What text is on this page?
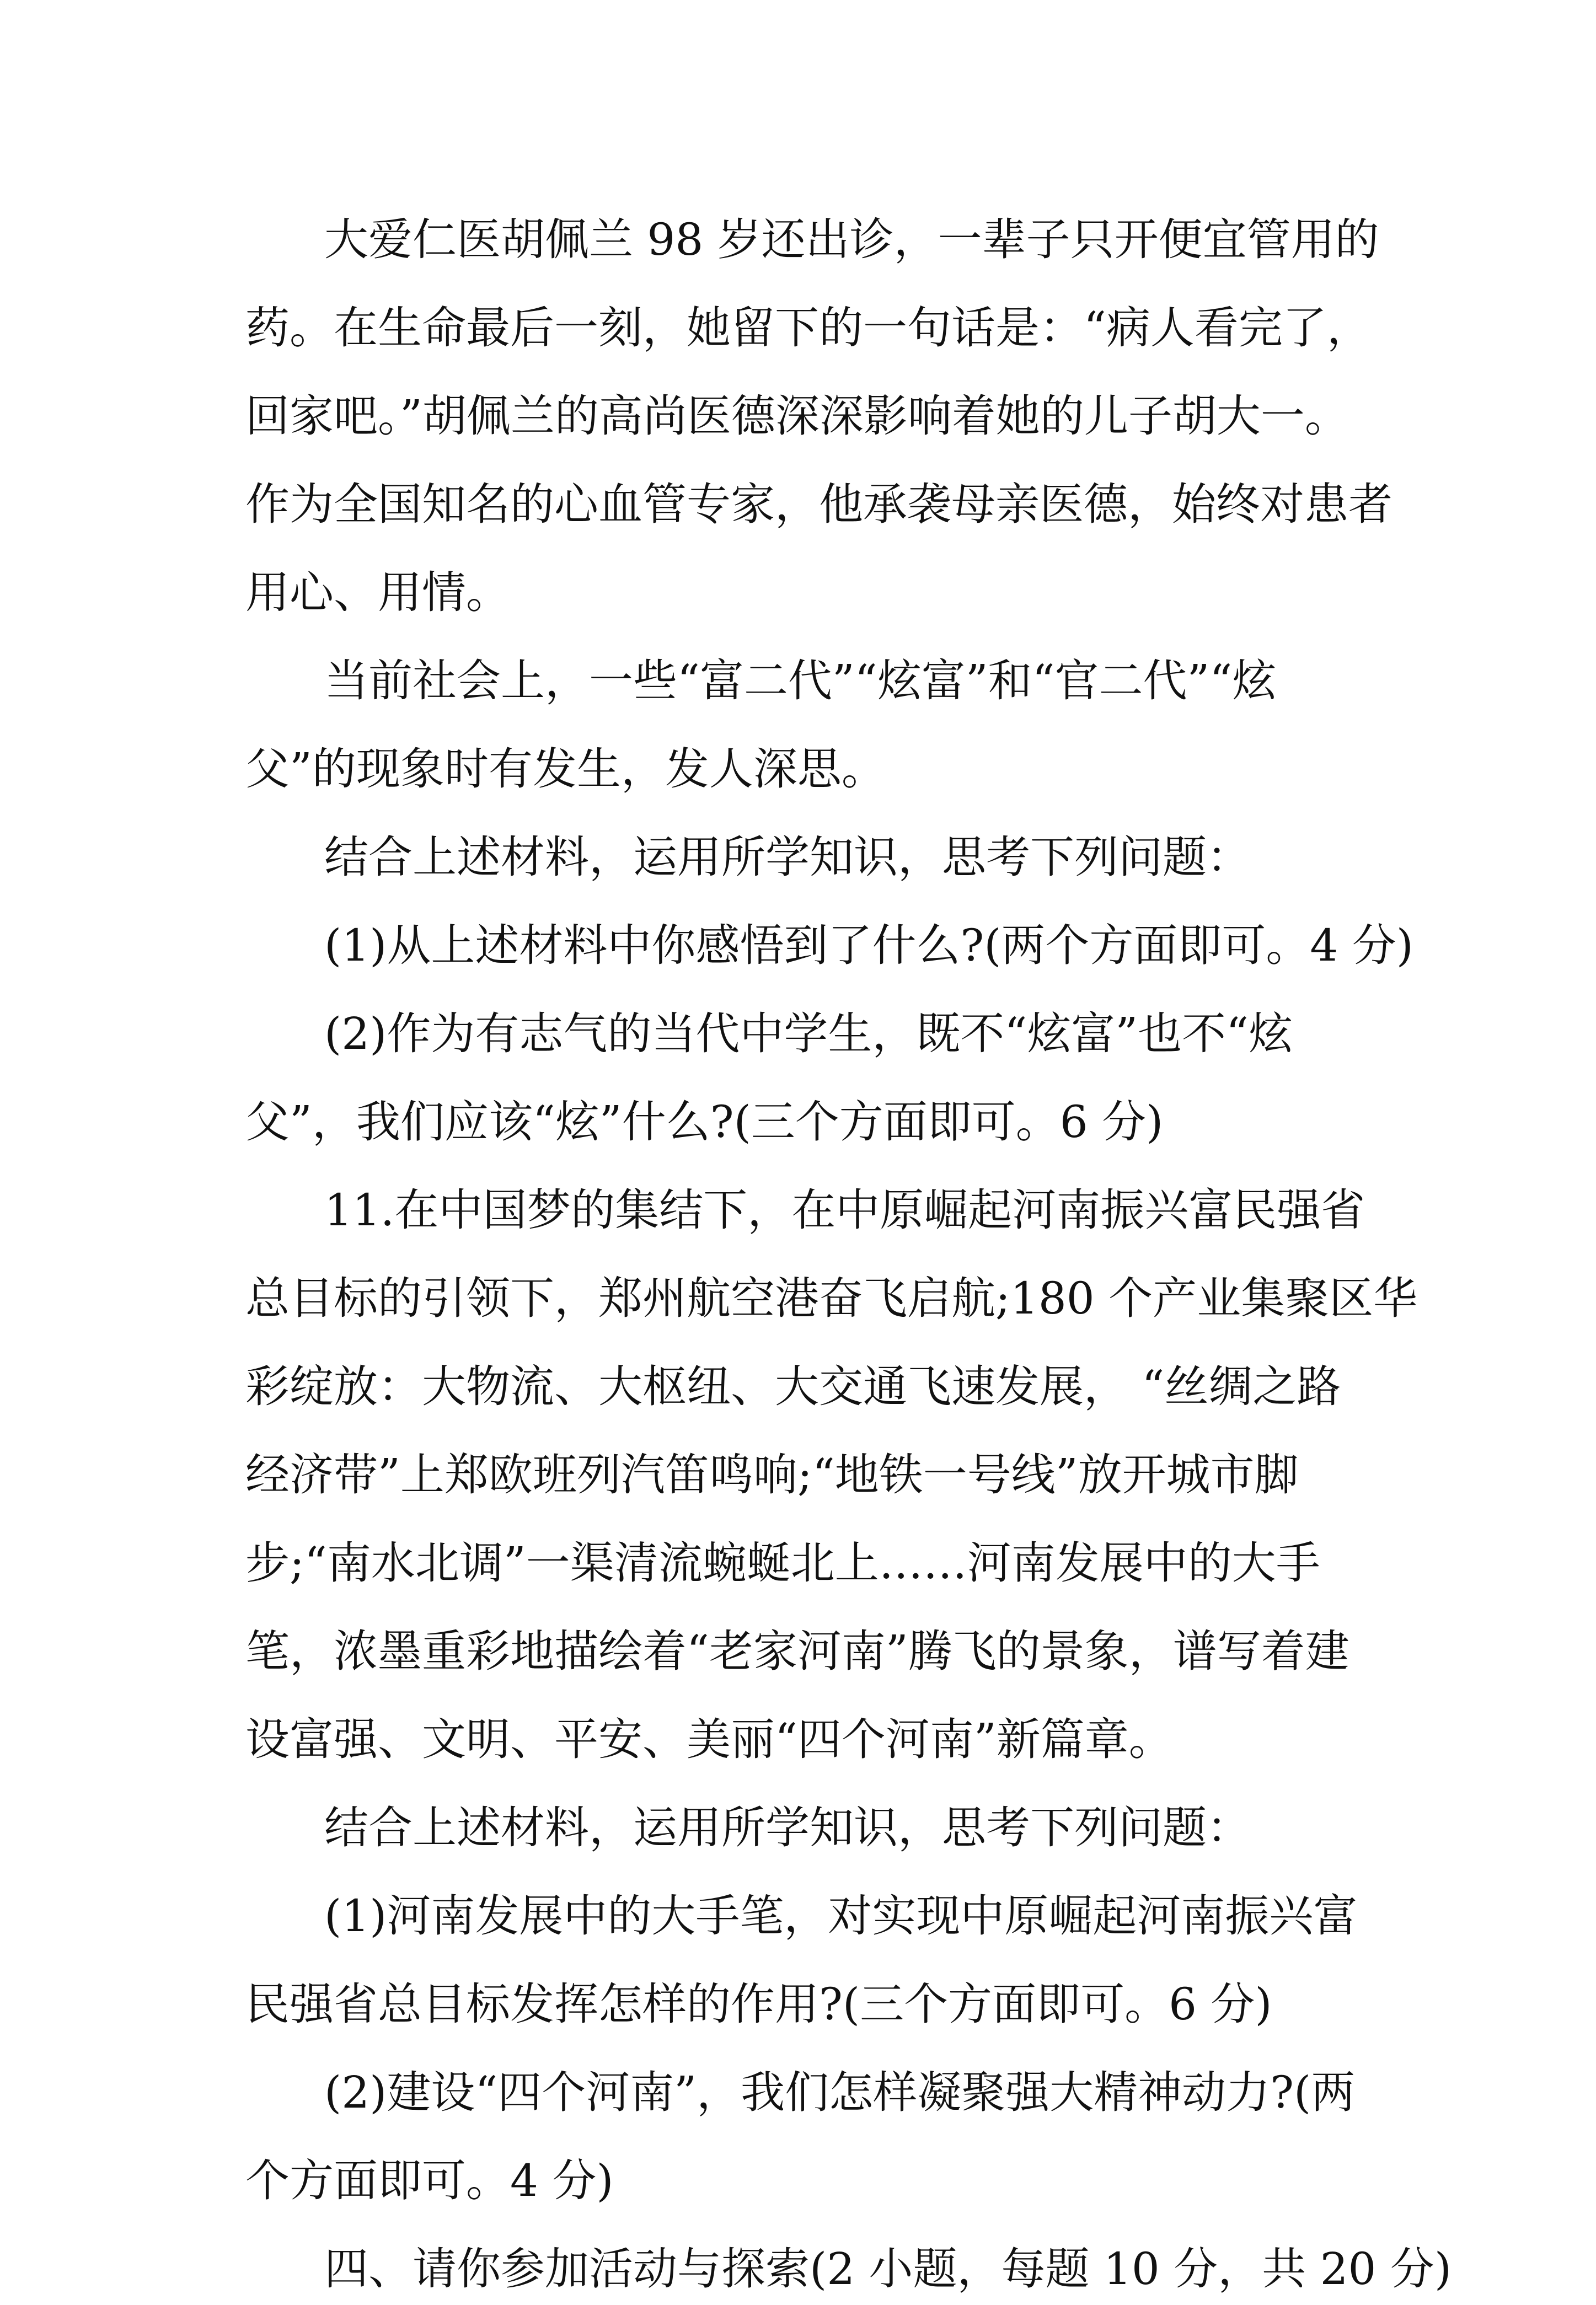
大爱仁医胡佩兰 98 岁还出诊，一辈子只开便宜管用的
药。在生命最后一刻，她留下的一句话是：“病人看完了，
回家吧。”胡佩兰的高尚医德深深影响着她的儿子胡大一。
作为全国知名的心血管专家，他承袭母亲医德，始终对患者
用心、用情。
当前社会上，一些“富二代”“炫富”和“官二代”“炫
父”的现象时有发生，发人深思。
结合上述材料，运用所学知识，思考下列问题：
(1)从上述材料中你感悟到了什么?(两个方面即可。4 分)
(2)作为有志气的当代中学生，既不“炫富”也不“炫
父”，我们应该“炫”什么?(三个方面即可。6 分)
11.在中国梦的集结下，在中原崛起河南振兴富民强省
总目标的引领下，郑州航空港奋飞启航;180 个产业集聚区华
彩绽放：大物流、大枢纽、大交通飞速发展， “丝绸之路
经济带”上郑欧班列汽笛鸣响;“地铁一号线”放开城市脚
步;“南水北调”一渠清流蜿蜒北上……河南发展中的大手
笔，浓墨重彩地描绘着“老家河南”腾飞的景象，谱写着建
设富强、文明、平安、美丽“四个河南”新篇章。
结合上述材料，运用所学知识，思考下列问题：
(1)河南发展中的大手笔，对实现中原崛起河南振兴富
民强省总目标发挥怎样的作用?(三个方面即可。6 分)
(2)建设“四个河南”，我们怎样凝聚强大精神动力?(两
个方面即可。4 分)
四、请你参加活动与探索(2 小题，每题 10 分，共 20 分)
